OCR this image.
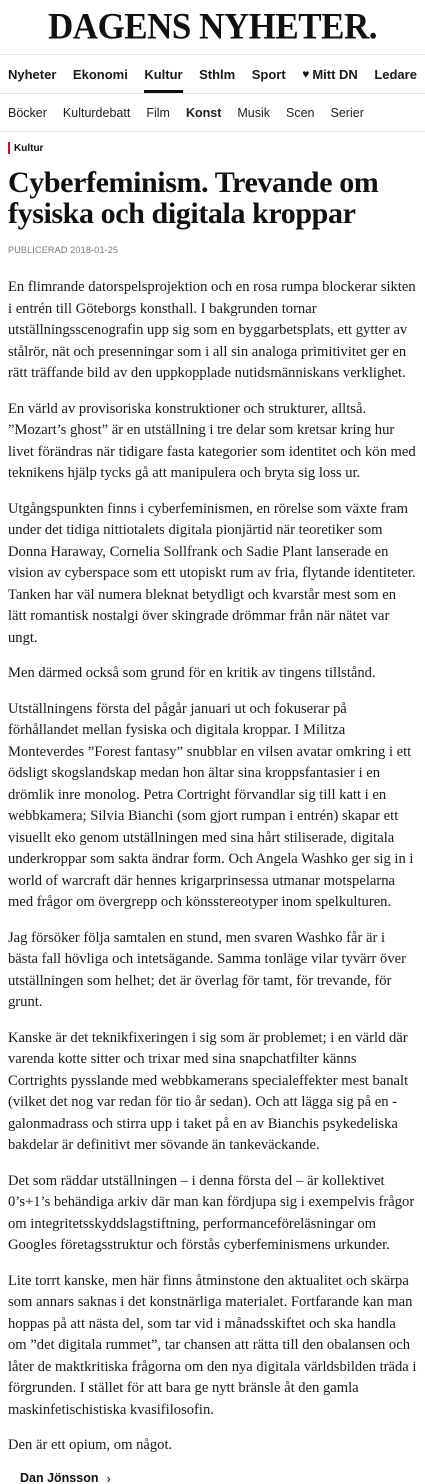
DAGENS NYHETER.
Nyheter Ekonomi Kultur Sthlm Sport ♥ Mitt DN Ledare
Böcker Kulturdebatt Film Konst Musik Scen Serier
Kultur
Cyberfeminism. Trevande om fysiska och digitala kroppar
PUBLICERAD 2018-01-25

En flimrande datorspelsprojektion och en rosa rumpa blockerar sikten i entrén till Göteborgs konsthall. I bakgrunden tornar utställningsscenografin upp sig som en byggarbetsplats, ett gytter av stålrör, nät och presenningar som i all sin analoga primitivitet ger en rätt träffande bild av den uppkopplade nutidsmänniskans verklighet.

En värld av provisoriska konstruktioner och strukturer, alltså. ”Mozart’s ghost” är en utställning i tre delar som kretsar kring hur livet förändras när tidigare fasta kategorier som identitet och kön med teknikens hjälp tycks gå att manipulera och bryta sig loss ur.

Utgångspunkten finns i cyberfeminismen, en rörelse som växte fram under det tidiga nittiotalets digitala pionjärtid när teoretiker som Donna Haraway, Cornelia Sollfrank och Sadie Plant lanserade en vision av cyberspace som ett utopiskt rum av fria, flytande identiteter. Tanken har väl numera bleknat betydligt och kvarstår mest som en lätt romantisk nostalgi över skingrade drömmar från när nätet var ungt.

Men därmed också som grund för en kritik av tingens tillstånd.

Utställningens första del pågår januari ut och fokuserar på förhållandet mellan fysiska och digitala kroppar. I Militza Monteverdes ”Forest fantasy” snubblar en vilsen avatar omkring i ett ödsligt skogslandskap medan hon ältar sina kroppsfantasier i en drömlik inre monolog. Petra Cortright förvandlar sig till katt i en webbkamera; Silvia Bianchi (som gjort rumpan i entrén) skapar ett visuellt eko genom utställningen med sina hårt stiliserade, digitala underkroppar som sakta ändrar form. Och Angela Washko ger sig in i world of warcraft där hennes krigarprinsessa utmanar motspelarna med frågor om övergrepp och könsstereotyper inom spelkulturen.

Jag försöker följa samtalen en stund, men svaren Washko får är i bästa fall hövliga och intetsägande. Samma tonläge vilar tyvärr över utställningen som helhet; det är överlag för tamt, för trevande, för grunt.

Kanske är det teknikfixeringen i sig som är problemet; i en värld där varenda kotte sitter och trixar med sina snapchatfilter känns Cortrights pysslande med webbkamerans specialeffekter mest banalt (vilket det nog var redan för tio år sedan). Och att lägga sig på en -galonmadrass och stirra upp i taket på en av Bianchis psykedeliska bakdelar är definitivt mer sövande än tankeväckande.

Det som räddar utställningen – i denna första del – är kollektivet 0’s+1’s behändiga arkiv där man kan fördjupa sig i exempelvis frågor om integritetsskyddslagstiftning, performanceföreläsningar om Googles företagsstruktur och förstås cyberfeminismens urkunder.

Lite torrt kanske, men här finns åtminstone den aktualitet och skärpa som annars saknas i det konstnärliga materialet. Fortfarande kan man hoppas på att nästa del, som tar vid i månadsskiftet och ska handla om ”det digitala rummet”, tar chansen att rätta till den obalansen och låter de maktkritiska frågorna om den nya digitala världsbilden träda i förgrunden. I stället för att bara ge nytt bränsle åt den gamla maskinfetischistiska kvasifilosofin.

Den är ett opium, om något.

Dan Jönsson ›
